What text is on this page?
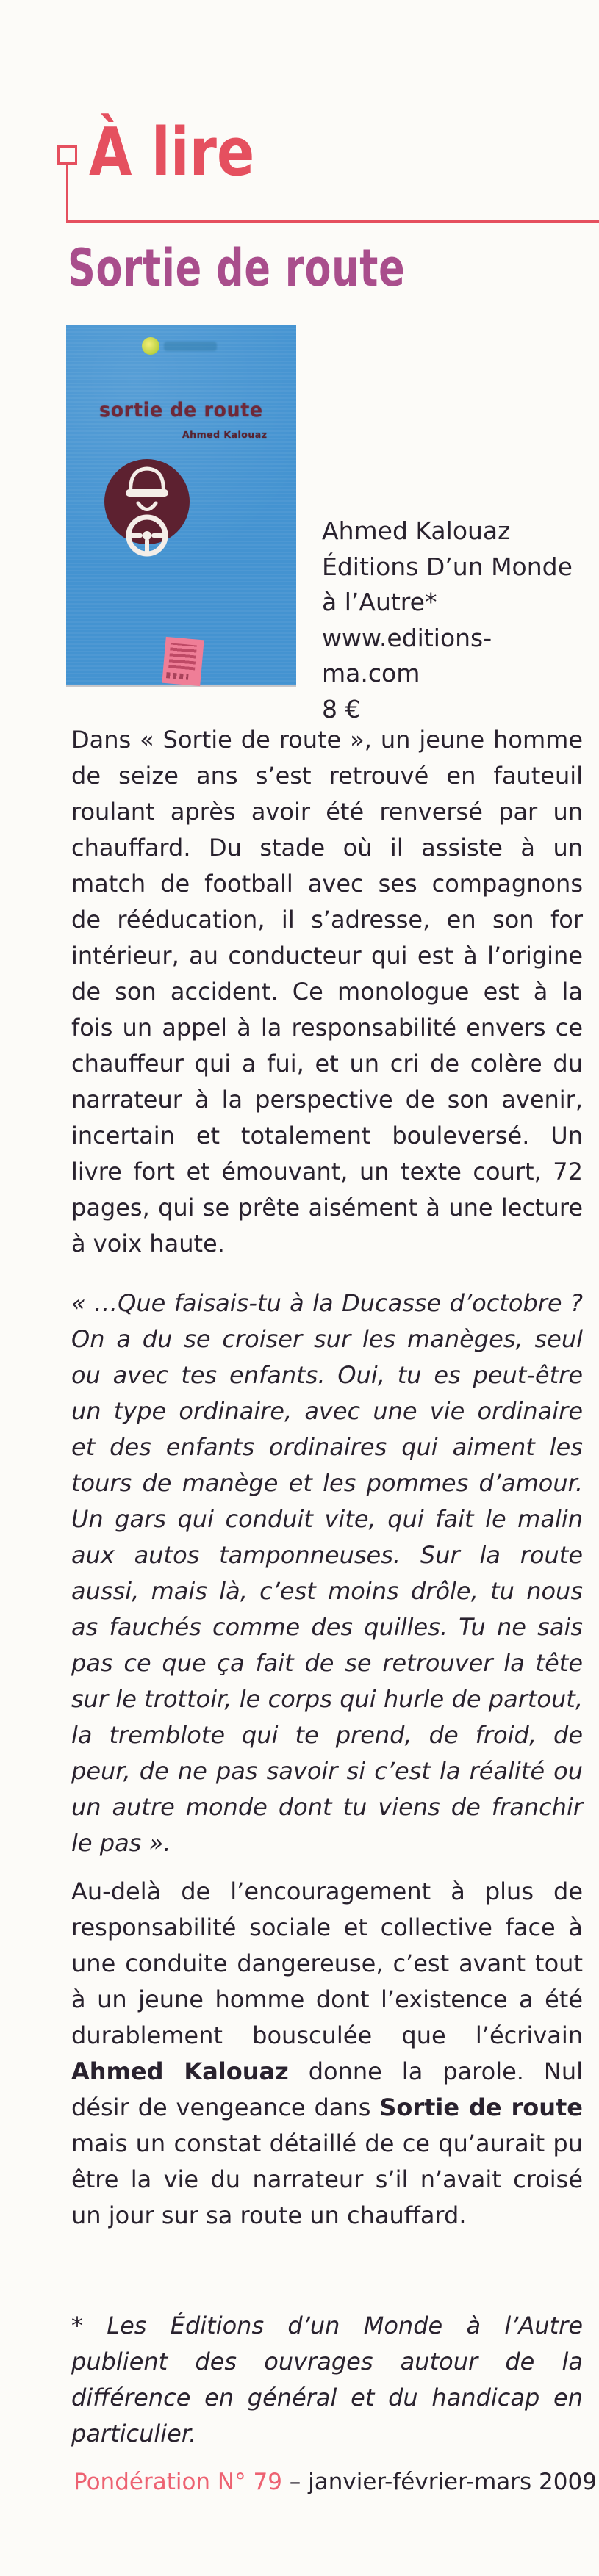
À lire
Sortie de route
sortie de route
Ahmed Kalouaz
Ahmed Kalouaz
Éditions D’un Monde
à l’Autre*
www.editions-ma.com
8 €
Dans « Sortie de route », un jeune homme de seize ans s’est retrouvé en fauteuil roulant après avoir été renversé par un chauffard. Du stade où il assiste à un match de football avec ses compagnons de rééducation, il s’adresse, en son for intérieur, au conducteur qui est à l’origine de son accident. Ce monologue est à la fois un appel à la responsabilité envers ce chauffeur qui a fui, et un cri de colère du narrateur à la perspective de son avenir, incertain et totalement bouleversé. Un livre fort et émouvant, un texte court, 72 pages, qui se prête aisément à une lecture à voix haute.
« …Que faisais-tu à la Ducasse d’octobre ? On a du se croiser sur les manèges, seul ou avec tes enfants. Oui, tu es peut-être un type ordinaire, avec une vie ordinaire et des enfants ordinaires qui aiment les tours de manège et les pommes d’amour. Un gars qui conduit vite, qui fait le malin aux autos tamponneuses. Sur la route aussi, mais là, c’est moins drôle, tu nous as fauchés comme des quilles. Tu ne sais pas ce que ça fait de se retrouver la tête sur le trottoir, le corps qui hurle de partout, la tremblote qui te prend, de froid, de peur, de ne pas savoir si c’est la réalité ou un autre monde dont tu viens de franchir le pas ».
Au-delà de l’encouragement à plus de responsabilité sociale et collective face à une conduite dangereuse, c’est avant tout à un jeune homme dont l’existence a été durablement bousculée que l’écrivain Ahmed Kalouaz donne la parole. Nul désir de vengeance dans Sortie de route mais un constat détaillé de ce qu’aurait pu être la vie du narrateur s’il n’avait croisé un jour sur sa route un chauffard.
* Les Éditions d’un Monde à l’Autre publient des ouvrages autour de la différence en général et du handicap en particulier.
Pondération N° 79 – janvier-février-mars 2009
